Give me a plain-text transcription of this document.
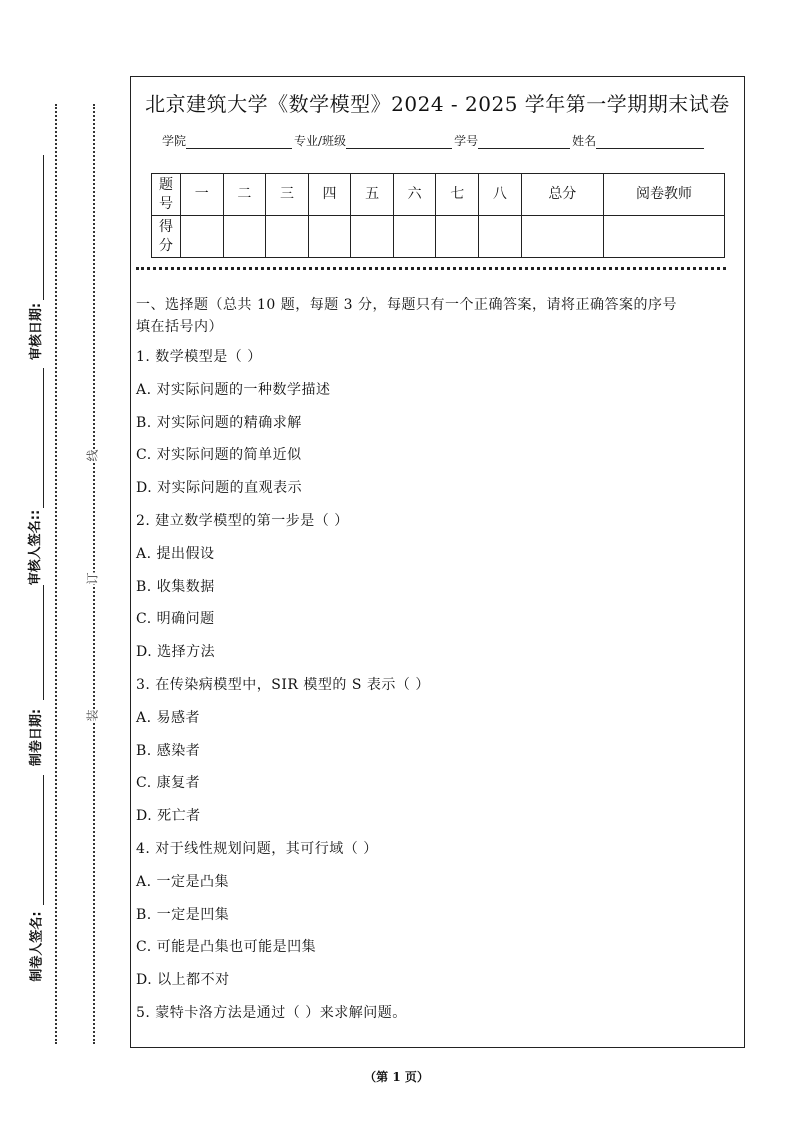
审核日期:
审核人签名::
制卷日期:
制卷人签名:
线
订
装
北京建筑大学《数学模型》2024 - 2025 学年第一学期期末试卷
学院	专业/班级	学号	姓名
题号	一	二	三	四	五	六	七	八	总分	阅卷教师
得分										
一、选择题（总共 10 题，每题 3 分，每题只有一个正确答案，请将正确答案的序号
填在括号内）
1. 数学模型是（ ）
A. 对实际问题的一种数学描述
B. 对实际问题的精确求解
C. 对实际问题的简单近似
D. 对实际问题的直观表示
2. 建立数学模型的第一步是（ ）
A. 提出假设
B. 收集数据
C. 明确问题
D. 选择方法
3. 在传染病模型中，SIR 模型的 S 表示（ ）
A. 易感者
B. 感染者
C. 康复者
D. 死亡者
4. 对于线性规划问题，其可行域（ ）
A. 一定是凸集
B. 一定是凹集
C. 可能是凸集也可能是凹集
D. 以上都不对
5. 蒙特卡洛方法是通过（ ）来求解问题。
（第 1 页）
